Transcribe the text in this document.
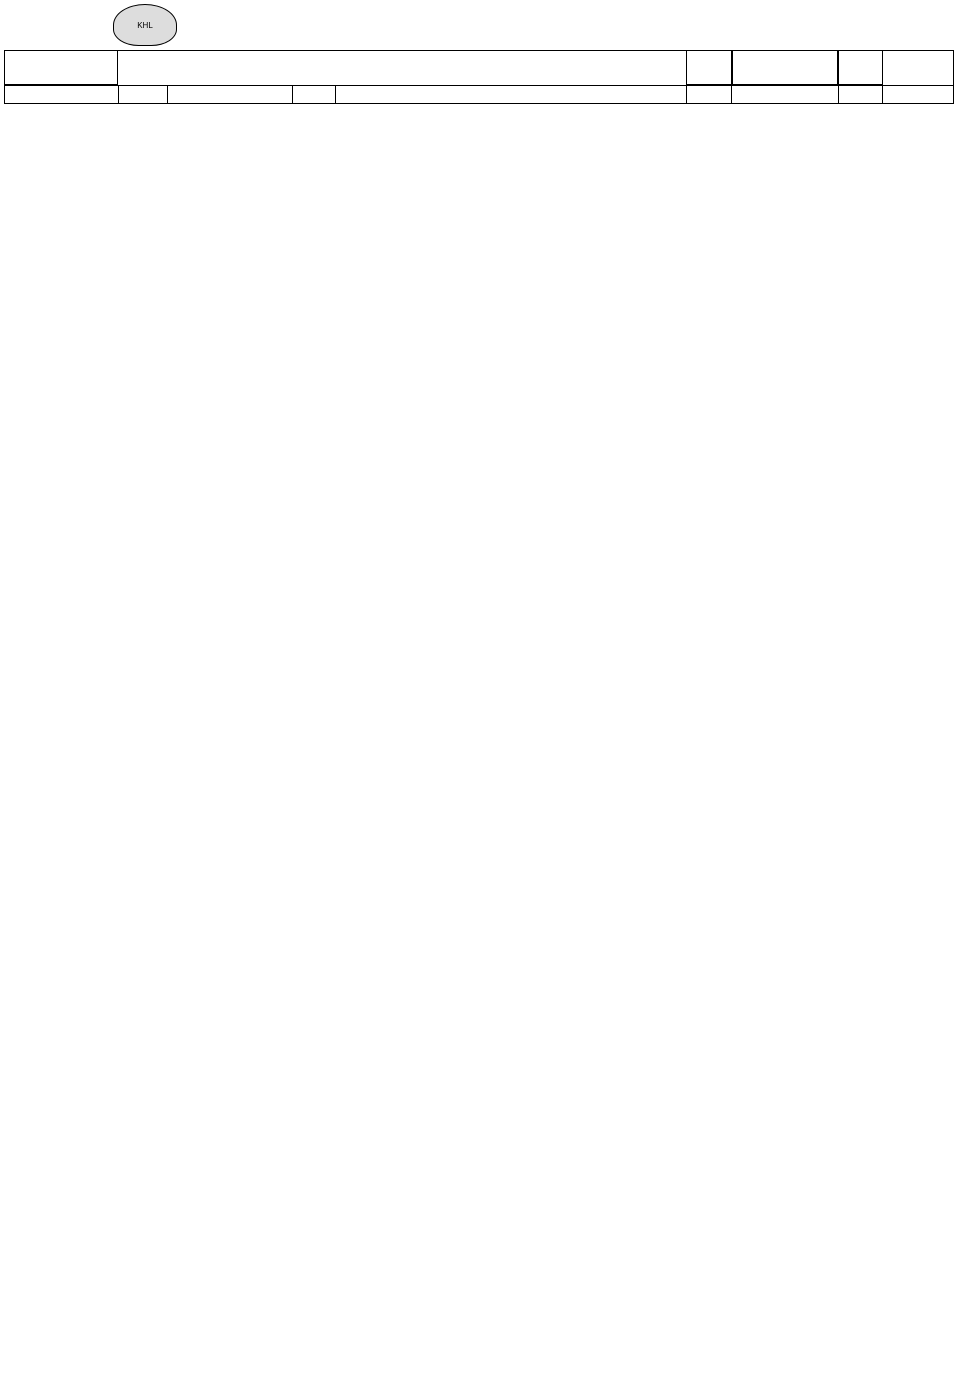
KHL
